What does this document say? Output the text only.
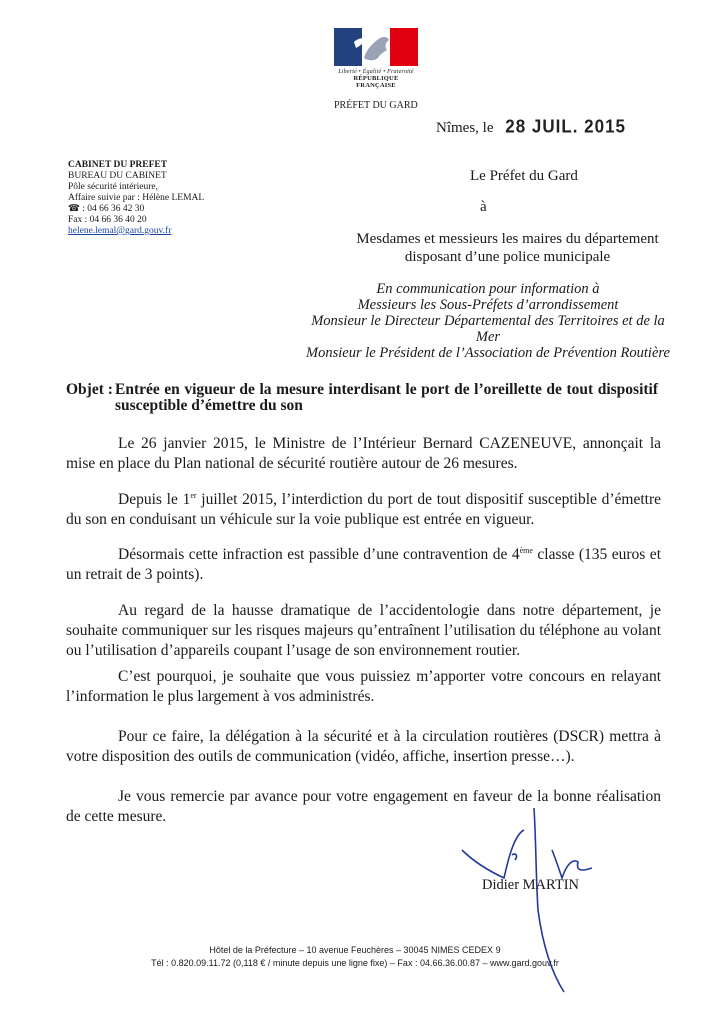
Liberté • Égalité • Fraternité
RÉPUBLIQUE FRANÇAISE
PRÉFET DU GARD
Nîmes, le 28 JUIL. 2015
CABINET DU PREFET
BUREAU DU CABINET
Pôle sécurité intérieure,
Affaire suivie par : Hélène LEMAL
☎ : 04 66 36 42 30
Fax : 04 66 36 40 20
helene.lemal@gard.gouv.fr
Le Préfet du Gard
à
Mesdames et messieurs les maires du département
disposant d’une police municipale
En communication pour information à
Messieurs les Sous-Préfets d’arrondissement
Monsieur le Directeur Départemental des Territoires et de la Mer
Monsieur le Président de l’Association de Prévention Routière
Objet : Entrée en vigueur de la mesure interdisant le port de l’oreillette de tout dispositif susceptible d’émettre du son

Le 26 janvier 2015, le Ministre de l’Intérieur Bernard CAZENEUVE, annonçait la mise en place du Plan national de sécurité routière autour de 26 mesures.

Depuis le 1er juillet 2015, l’interdiction du port de tout dispositif susceptible d’émettre du son en conduisant un véhicule sur la voie publique est entrée en vigueur.

Désormais cette infraction est passible d’une contravention de 4ème classe (135 euros et un retrait de 3 points).

Au regard de la hausse dramatique de l’accidentologie dans notre département, je souhaite communiquer sur les risques majeurs qu’entraînent l’utilisation du téléphone au volant ou l’utilisation d’appareils coupant l’usage de son environnement routier.

C’est pourquoi, je souhaite que vous puissiez m’apporter votre concours en relayant l’information le plus largement à vos administrés.

Pour ce faire, la délégation à la sécurité et à la circulation routières (DSCR) mettra à votre disposition des outils de communication (vidéo, affiche, insertion presse…).

Je vous remercie par avance pour votre engagement en faveur de la bonne réalisation de cette mesure.

Didier MARTIN
Hôtel de la Préfecture – 10 avenue Feuchères – 30045 NIMES CEDEX 9
Tél : 0.820.09.11.72 (0,118 € / minute depuis une ligne fixe) – Fax : 04.66.36.00.87 – www.gard.gouv.fr
